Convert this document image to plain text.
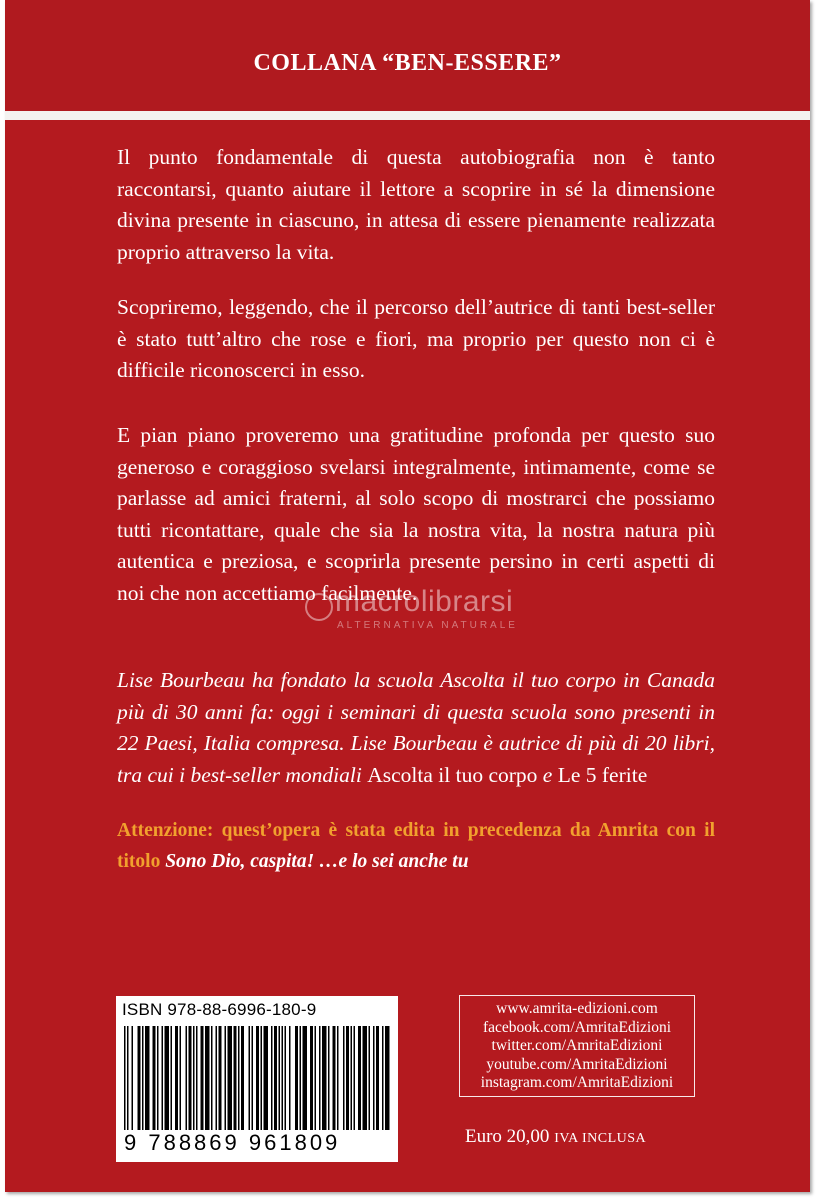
COLLANA “BEN-ESSERE”

Il punto fondamentale di questa autobiografia non è tanto raccontarsi, quanto aiutare il lettore a scoprire in sé la dimensione divina presente in ciascuno, in attesa di essere pienamente realizzata proprio attraverso la vita.

Scopriremo, leggendo, che il percorso dell’autrice di tanti best-seller è stato tutt’altro che rose e fiori, ma proprio per questo non ci è difficile riconoscerci in esso.

E pian piano proveremo una gratitudine profonda per questo suo generoso e coraggioso svelarsi integralmente, intimamente, come se parlasse ad amici fraterni, al solo scopo di mostrarci che possiamo tutti ricontattare, quale che sia la nostra vita, la nostra natura più autentica e preziosa, e scoprirla presente persino in certi aspetti di noi che non accettiamo facilmente.

macrolibrarsi
ALTERNATIVA NATURALE

Lise Bourbeau ha fondato la scuola Ascolta il tuo corpo in Canada più di 30 anni fa: oggi i seminari di questa scuola sono presenti in 22 Paesi, Italia compresa. Lise Bourbeau è autrice di più di 20 libri, tra cui i best-seller mondiali Ascolta il tuo corpo e Le 5 ferite

Attenzione: quest’opera è stata edita in precedenza da Amrita con il titolo Sono Dio, caspita! …e lo sei anche tu

ISBN 978-88-6996-180-9
9 788869 961809
www.amrita-edizioni.com
facebook.com/AmritaEdizioni
twitter.com/AmritaEdizioni
youtube.com/AmritaEdizioni
instagram.com/AmritaEdizioni
Euro 20,00 IVA INCLUSA
